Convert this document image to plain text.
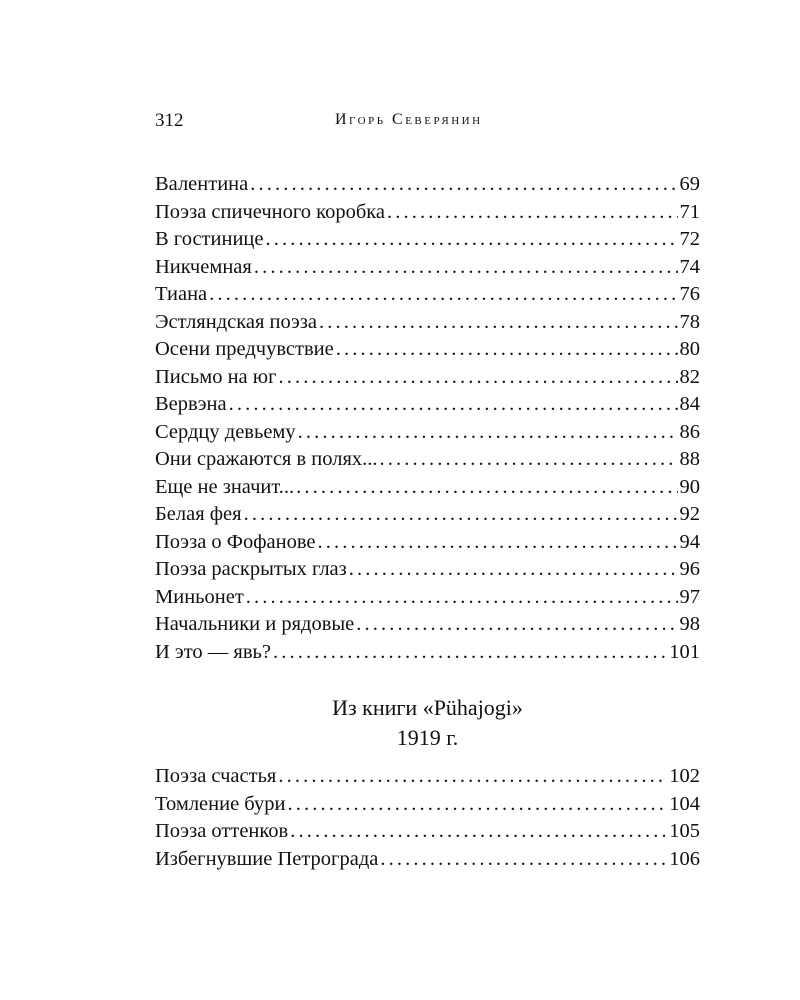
312	Игорь Северянин
Валентина . . .	69
Поэза спичечного коробка . . .	71
В гостинице . . .	72
Никчемная . . .	74
Тиана . . .	76
Эстляндская поэза . . .	78
Осени предчувствие . . .	80
Письмо на юг . . .	82
Вервэна . . .	84
Сердцу девьему . . .	86
Они сражаются в полях... . . .	88
Еще не значит... . . .	90
Белая фея . . .	92
Поэза о Фофанове . . .	94
Поэза раскрытых глаз . . .	96
Миньонет . . .	97
Начальники и рядовые . . .	98
И это — явь? . . .	101
Из книги «Pühajogi»
1919 г.
Поэза счастья . . .	102
Томление бури . . .	104
Поэза оттенков . . .	105
Избегнувшие Петрограда . . .	106
